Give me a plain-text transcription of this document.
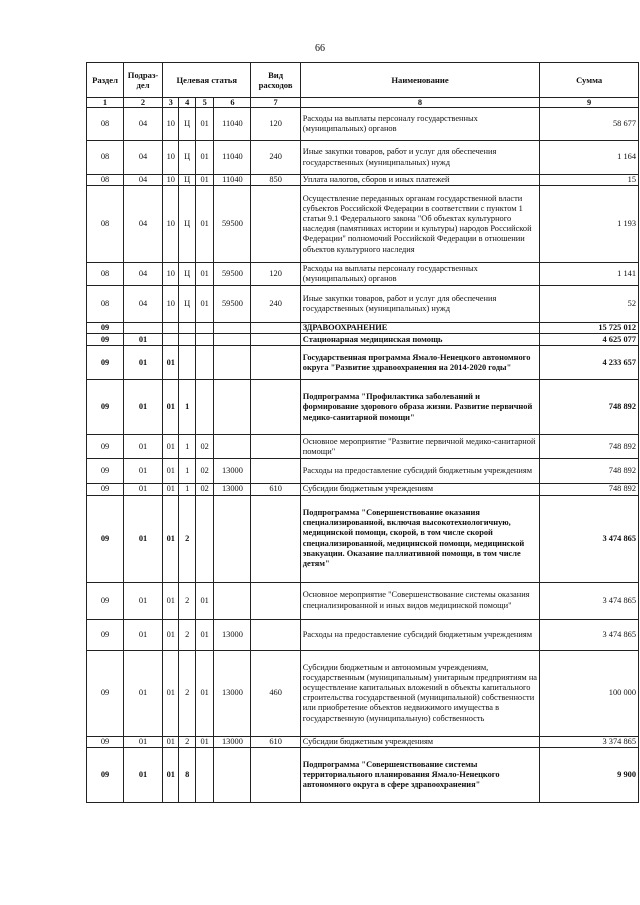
66
Раздел	Подраз-дел	Целевая статья				Вид расходов	Наименование	Сумма
1	2	3	4	5	6	7	8	9
08	04	10	Ц	01	11040	120	Расходы на выплаты персоналу государственных (муниципальных) органов	58 677
08	04	10	Ц	01	11040	240	Иные закупки товаров, работ и услуг для обеспечения государственных (муниципальных) нужд	1 164
08	04	10	Ц	01	11040	850	Уплата налогов, сборов и иных платежей	15
08	04	10	Ц	01	59500		Осуществление переданных органам государственной власти субъектов Российской Федерации в соответствии с пунктом 1 статьи 9.1 Федерального закона "Об объектах культурного наследия (памятниках истории и культуры) народов Российской Федерации" полномочий Российской Федерации в отношении объектов культурного наследия	1 193
08	04	10	Ц	01	59500	120	Расходы на выплаты персоналу государственных (муниципальных) органов	1 141
08	04	10	Ц	01	59500	240	Иные закупки товаров, работ и услуг для обеспечения государственных (муниципальных) нужд	52
09							ЗДРАВООХРАНЕНИЕ	15 725 012
09	01						Стационарная медицинская помощь	4 625 077
09	01	01					Государственная программа Ямало-Ненецкого автономного округа "Развитие здравоохранения на 2014-2020 годы"	4 233 657
09	01	01	1				Подпрограмма "Профилактика заболеваний и формирование здорового образа жизни. Развитие первичной медико-санитарной помощи"	748 892
09	01	01	1	02			Основное мероприятие "Развитие первичной медико-санитарной помощи"	748 892
09	01	01	1	02	13000		Расходы на предоставление субсидий бюджетным учреждениям	748 892
09	01	01	1	02	13000	610	Субсидии бюджетным учреждениям	748 892
09	01	01	2				Подпрограмма "Совершенствование оказания специализированной, включая высокотехнологичную, медицинской помощи, скорой, в том числе скорой специализированной, медицинской помощи, медицинской эвакуации. Оказание паллиативной помощи, в том числе детям"	3 474 865
09	01	01	2	01			Основное мероприятие "Совершенствование системы оказания специализированной и иных видов медицинской помощи"	3 474 865
09	01	01	2	01	13000		Расходы на предоставление субсидий бюджетным учреждениям	3 474 865
09	01	01	2	01	13000	460	Субсидии бюджетным и автономным учреждениям, государственным (муниципальным) унитарным предприятиям на осуществление капитальных вложений в объекты капитального строительства государственной (муниципальной) собственности или приобретение объектов недвижимого имущества в государственную (муниципальную) собственность	100 000
09	01	01	2	01	13000	610	Субсидии бюджетным учреждениям	3 374 865
09	01	01	8				Подпрограмма "Совершенствование системы территориального планирования Ямало-Ненецкого автономного округа в сфере здравоохранения"	9 900
